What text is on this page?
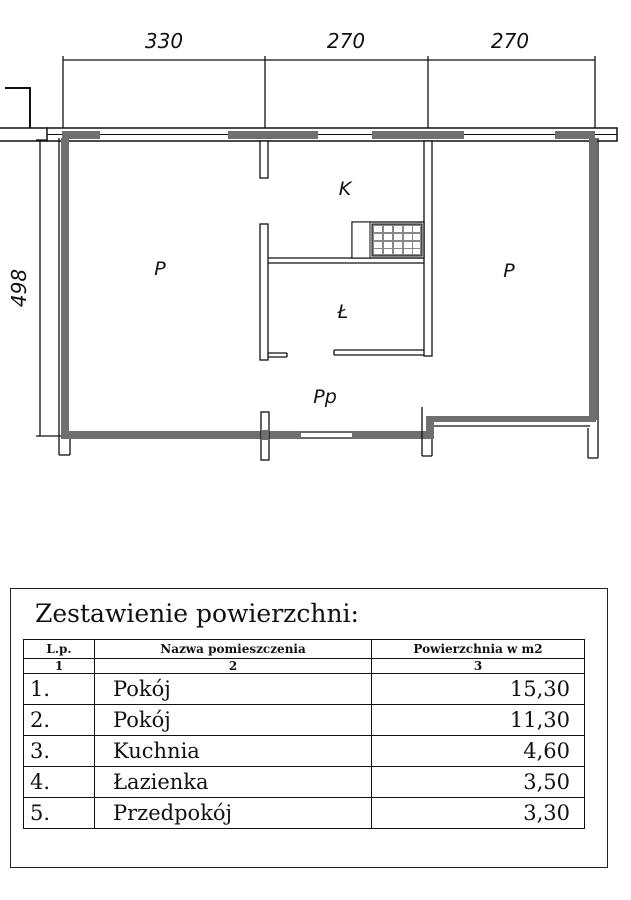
330	270	270
498	P
K
Ł
P
Pp
Zestawienie powierzchni:
L.p.	Nazwa pomieszczenia	Powierzchnia w m2
1	2	3
1.	Pokój	15,30
2.	Pokój	11,30
3.	Kuchnia	4,60
4.	Łazienka	3,50
5.	Przedpokój	3,30
